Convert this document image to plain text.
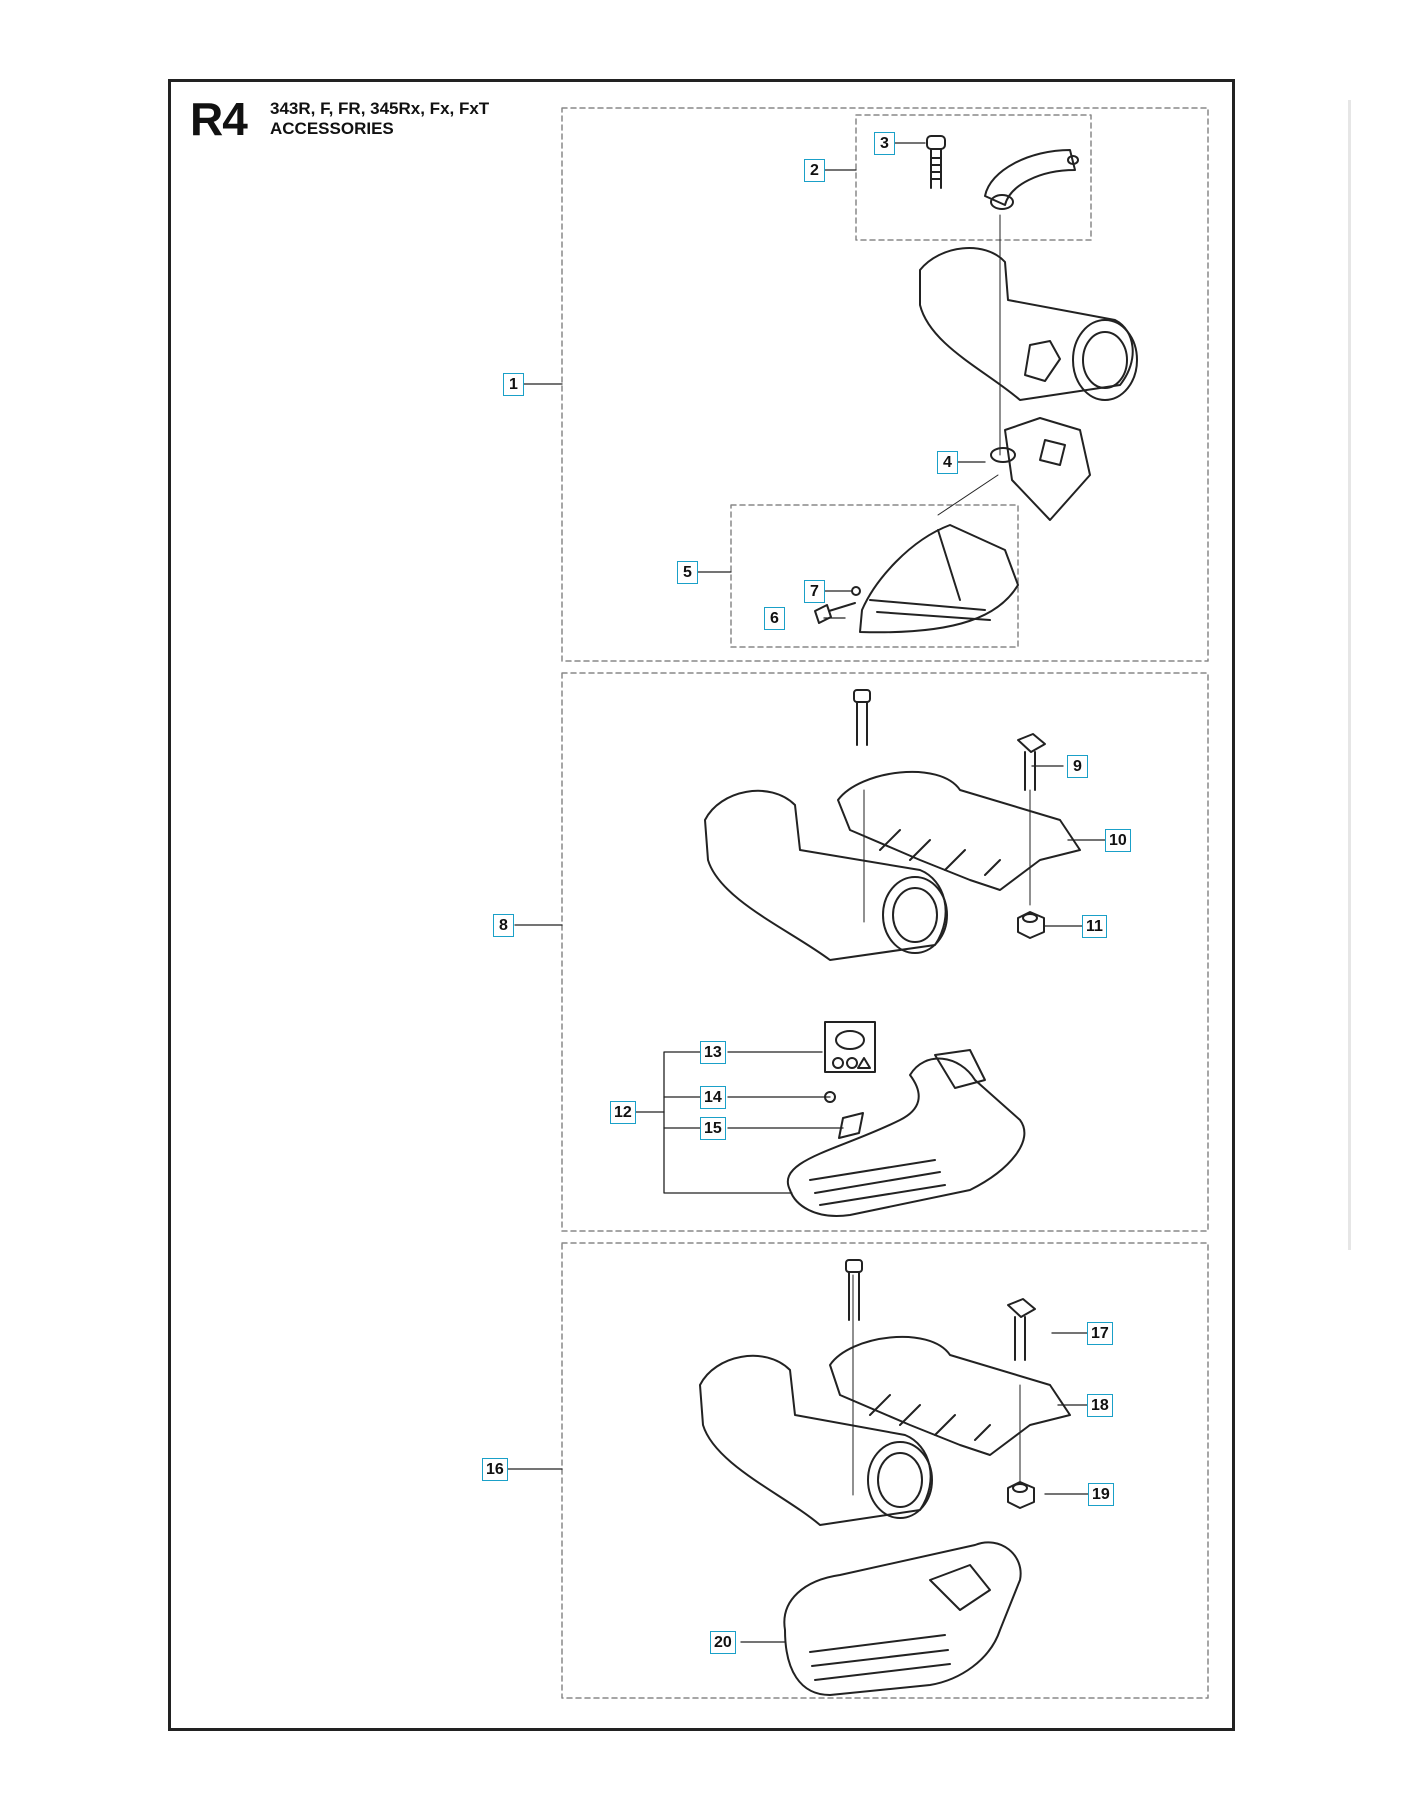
R4 343R, F, FR, 345Rx, Fx, FxT
ACCESSORIES
1
2
3
4
5
6
7
8
9
10
11
12
13
14
15
16
17
18
19
20
